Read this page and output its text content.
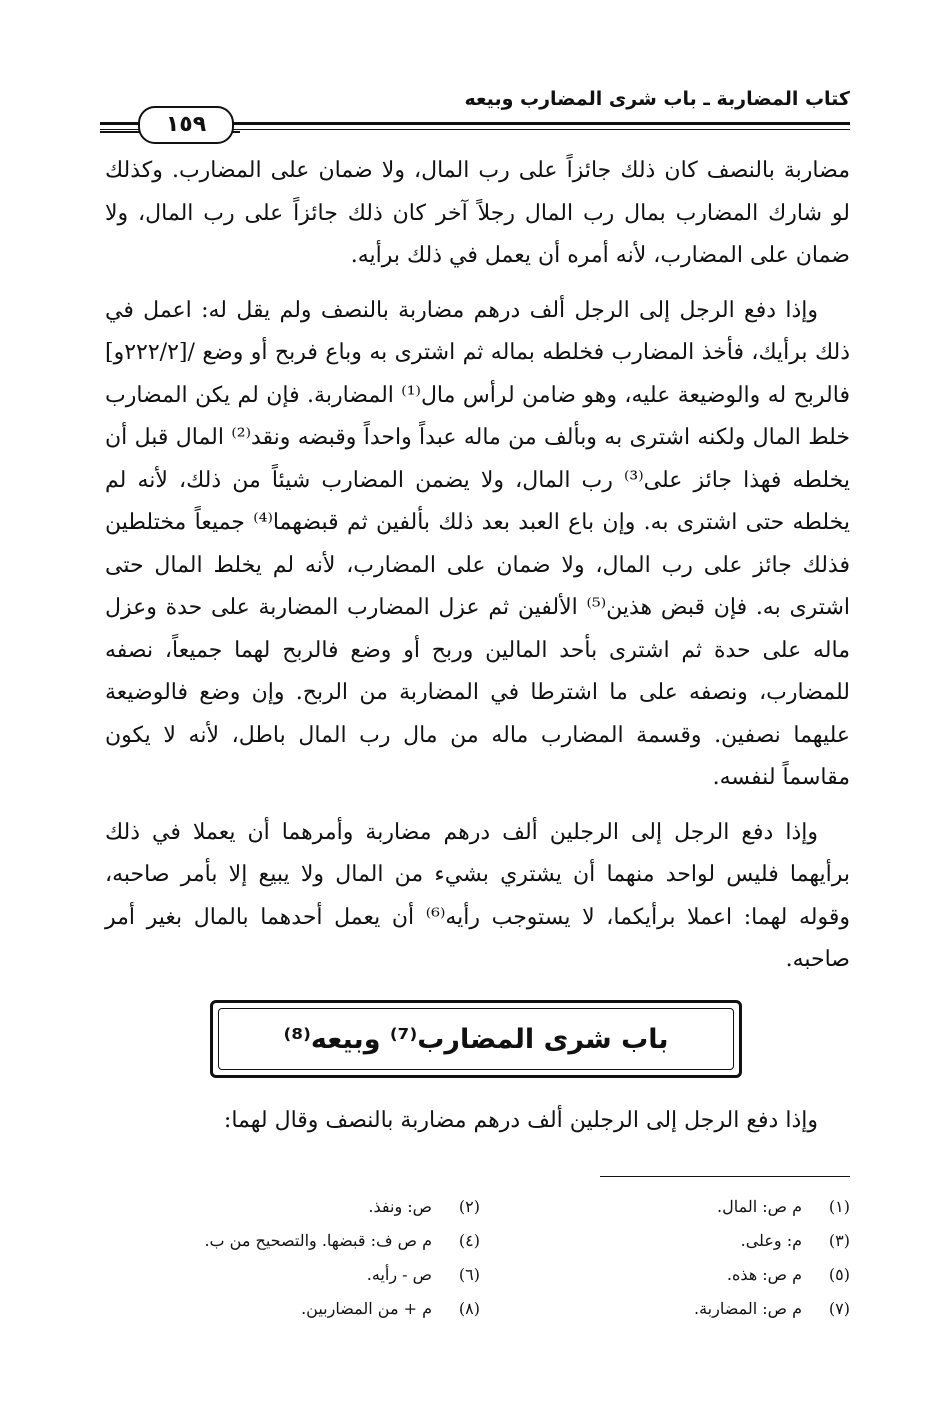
كتاب المضاربة ـ باب شرى المضارب وبيعه
١٥٩

مضاربة بالنصف كان ذلك جائزاً على رب المال، ولا ضمان على المضارب. وكذلك لو شارك المضارب بمال رب المال رجلاً آخر كان ذلك جائزاً على رب المال، ولا ضمان على المضارب، لأنه أمره أن يعمل في ذلك برأيه.

وإذا دفع الرجل إلى الرجل ألف درهم مضاربة بالنصف ولم يقل له: اعمل في ذلك برأيك، فأخذ المضارب فخلطه بماله ثم اشترى به وباع فربح أو وضع /[٢٢٢/٢و] فالربح له والوضيعة عليه، وهو ضامن لرأس مال⁽¹⁾ المضاربة. فإن لم يكن المضارب خلط المال ولكنه اشترى به وبألف من ماله عبداً واحداً وقبضه ونقد⁽²⁾ المال قبل أن يخلطه فهذا جائز على⁽³⁾ رب المال، ولا يضمن المضارب شيئاً من ذلك، لأنه لم يخلطه حتى اشترى به. وإن باع العبد بعد ذلك بألفين ثم قبضهما⁽⁴⁾ جميعاً مختلطين فذلك جائز على رب المال، ولا ضمان على المضارب، لأنه لم يخلط المال حتى اشترى به. فإن قبض هذين⁽⁵⁾ الألفين ثم عزل المضارب المضاربة على حدة وعزل ماله على حدة ثم اشترى بأحد المالين وربح أو وضع فالربح لهما جميعاً، نصفه للمضارب، ونصفه على ما اشترطا في المضاربة من الربح. وإن وضع فالوضيعة عليهما نصفين. وقسمة المضارب ماله من مال رب المال باطل، لأنه لا يكون مقاسماً لنفسه.

وإذا دفع الرجل إلى الرجلين ألف درهم مضاربة وأمرهما أن يعملا في ذلك برأيهما فليس لواحد منهما أن يشتري بشيء من المال ولا يبيع إلا بأمر صاحبه، وقوله لهما: اعملا برأيكما، لا يستوجب رأيه⁽⁶⁾ أن يعمل أحدهما بالمال بغير أمر صاحبه.

باب شرى المضارب⁽⁷⁾ وبيعه⁽⁸⁾
وإذا دفع الرجل إلى الرجلين ألف درهم مضاربة بالنصف وقال لهما:
(١)م ص: المال.
(٢)ص: ونفذ.
(٣)م: وعلى.
(٤)م ص ف: قبضها. والتصحيح من ب.
(٥)م ص: هذه.
(٦)ص - رأيه.
(٧)م ص: المضاربة.
(٨)م + من المضاربين.
